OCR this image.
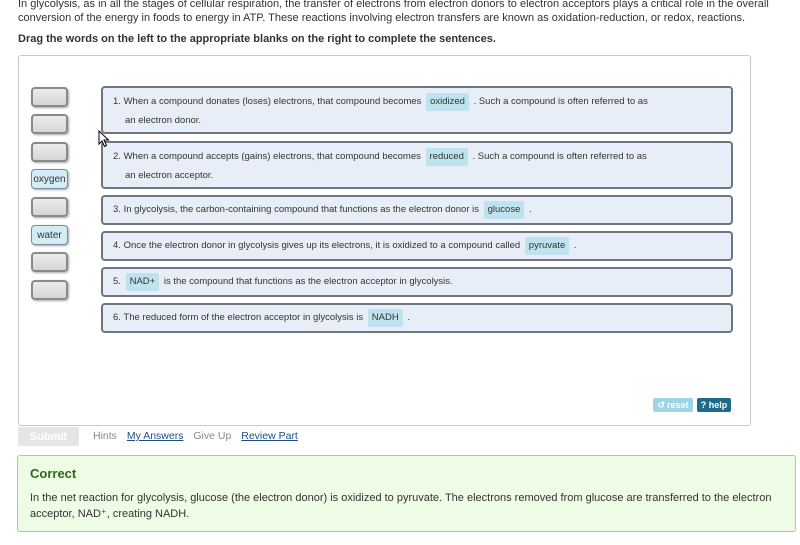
In glycolysis, as in all the stages of cellular respiration, the transfer of electrons from electron donors to electron acceptors plays a critical role in the overall conversion of the energy in foods to energy in ATP. These reactions involving electron transfers are known as oxidation-reduction, or redox, reactions.
Drag the words on the left to the appropriate blanks on the right to complete the sentences.
oxygen
water
1. When a compound donates (loses) electrons, that compound becomes oxidized . Such a compound is often referred to as
an electron donor.
2. When a compound accepts (gains) electrons, that compound becomes reduced . Such a compound is often referred to as
an electron acceptor.
3. In glycolysis, the carbon-containing compound that functions as the electron donor is glucose .
4. Once the electron donor in glycolysis gives up its electrons, it is oxidized to a compound called pyruvate .
5. NAD+ is the compound that functions as the electron acceptor in glycolysis.
6. The reduced form of the electron acceptor in glycolysis is NADH .
↺ reset	? help
Submit	Hints My Answers Give Up Review Part
Correct
In the net reaction for glycolysis, glucose (the electron donor) is oxidized to pyruvate. The electrons removed from glucose are transferred to the electron acceptor, NAD⁺, creating NADH.
